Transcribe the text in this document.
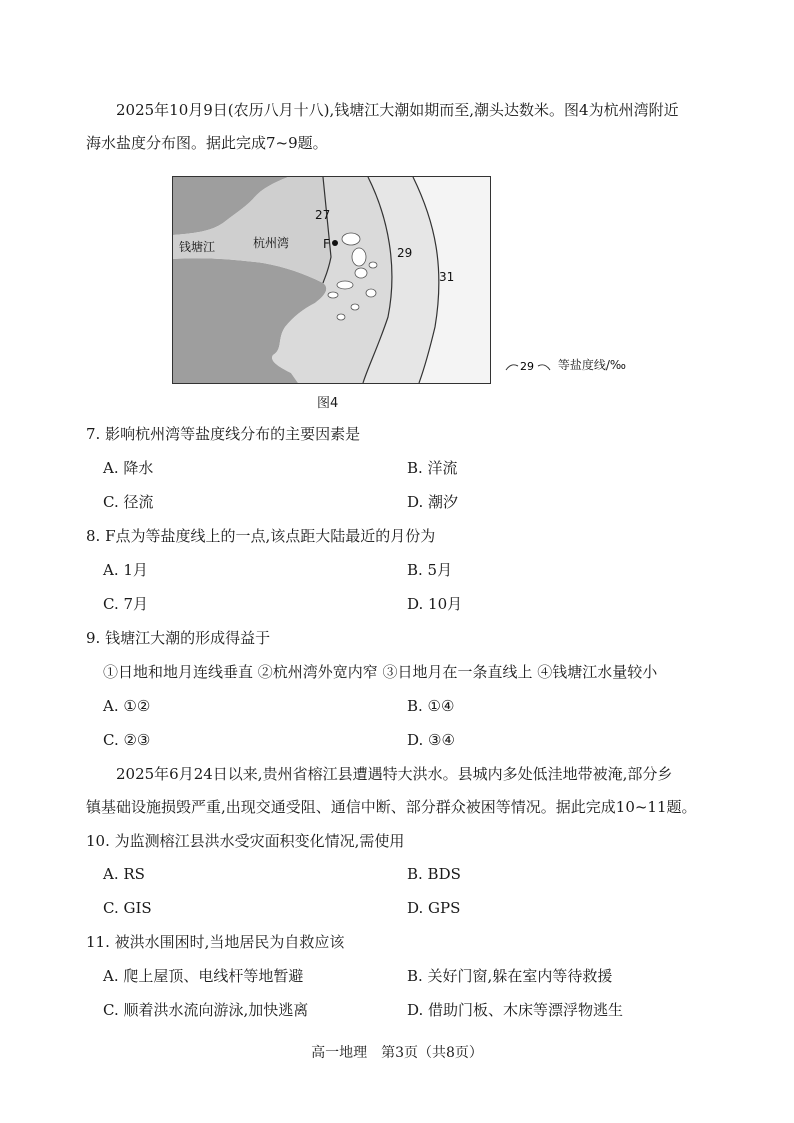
2025年10月9日(农历八月十八),钱塘江大潮如期而至,潮头达数米。图4为杭州湾附近
海水盐度分布图。据此完成7~9题。
F
27
29
31
钱塘江	杭州湾
29 等盐度线/‰
图4
7. 影响杭州湾等盐度线分布的主要因素是
A. 降水	B. 洋流
C. 径流	D. 潮汐
8. F点为等盐度线上的一点,该点距大陆最近的月份为
A. 1月	B. 5月
C. 7月	D. 10月
9. 钱塘江大潮的形成得益于
①日地和地月连线垂直 ②杭州湾外宽内窄 ③日地月在一条直线上 ④钱塘江水量较小
A. ①②	B. ①④
C. ②③	D. ③④
2025年6月24日以来,贵州省榕江县遭遇特大洪水。县城内多处低洼地带被淹,部分乡
镇基础设施损毁严重,出现交通受阻、通信中断、部分群众被困等情况。据此完成10~11题。
10. 为监测榕江县洪水受灾面积变化情况,需使用
A. RS	B. BDS
C. GIS	D. GPS
11. 被洪水围困时,当地居民为自救应该
A. 爬上屋顶、电线杆等地暂避	B. 关好门窗,躲在室内等待救援
C. 顺着洪水流向游泳,加快逃离	D. 借助门板、木床等漂浮物逃生
高一地理　第3页（共8页）
